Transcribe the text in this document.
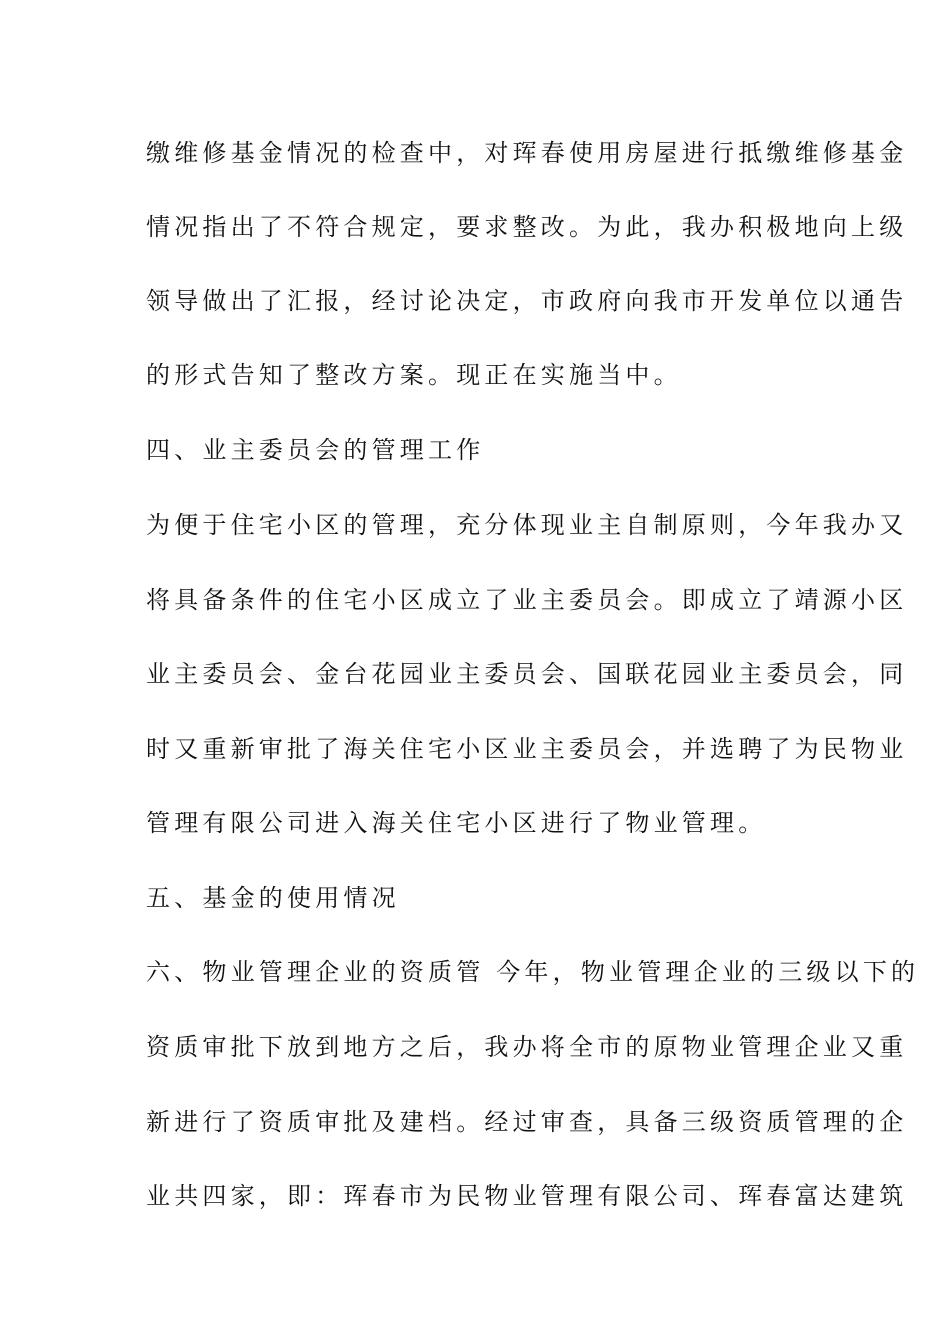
缴维修基金情况的检查中，对珲春使用房屋进行抵缴维修基金
情况指出了不符合规定，要求整改。为此，我办积极地向上级
领导做出了汇报，经讨论决定，市政府向我市开发单位以通告
的形式告知了整改方案。现正在实施当中。
四、业主委员会的管理工作
为便于住宅小区的管理，充分体现业主自制原则，今年我办又
将具备条件的住宅小区成立了业主委员会。即成立了靖源小区
业主委员会、金台花园业主委员会、国联花园业主委员会，同
时又重新审批了海关住宅小区业主委员会，并选聘了为民物业
管理有限公司进入海关住宅小区进行了物业管理。
五、基金的使用情况
六、物业管理企业的资质管 今年，物业管理企业的三级以下的
资质审批下放到地方之后，我办将全市的原物业管理企业又重
新进行了资质审批及建档。经过审查，具备三级资质管理的企
业共四家，即：珲春市为民物业管理有限公司、珲春富达建筑
